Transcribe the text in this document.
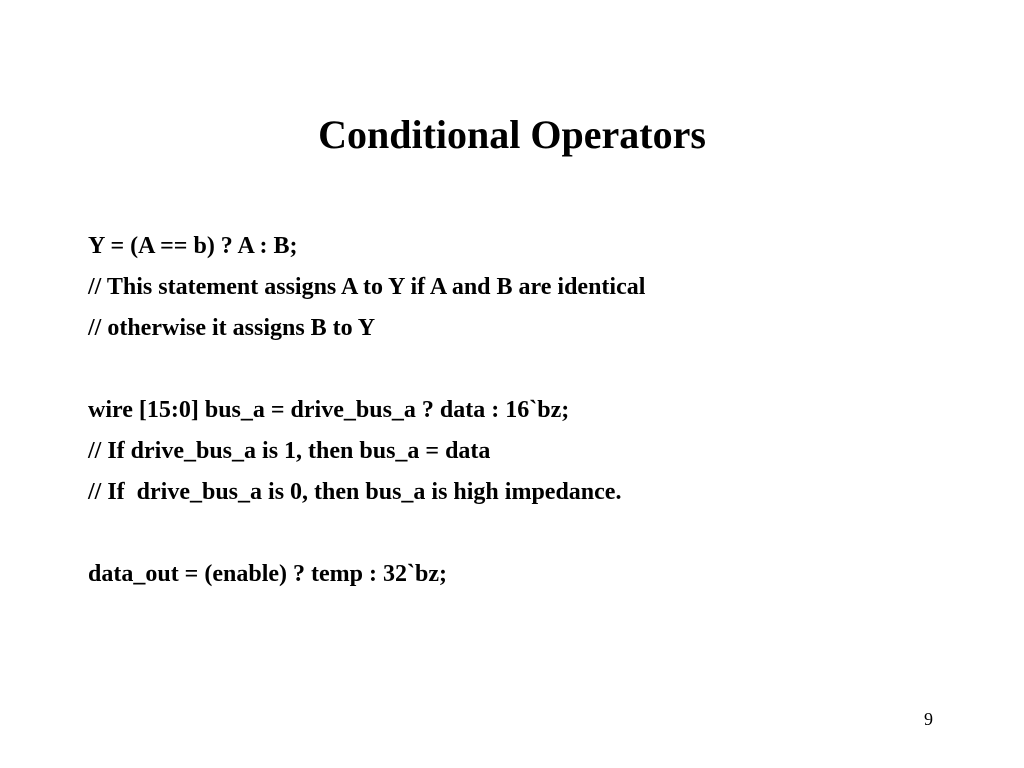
Conditional Operators

Y = (A == b) ? A : B;

// This statement assigns A to Y if A and B are identical

// otherwise it assigns B to Y

wire [15:0] bus_a = drive_bus_a ? data : 16`bz;

// If drive_bus_a is 1, then bus_a = data

// If  drive_bus_a is 0, then bus_a is high impedance.

data_out = (enable) ? temp : 32`bz;

9
